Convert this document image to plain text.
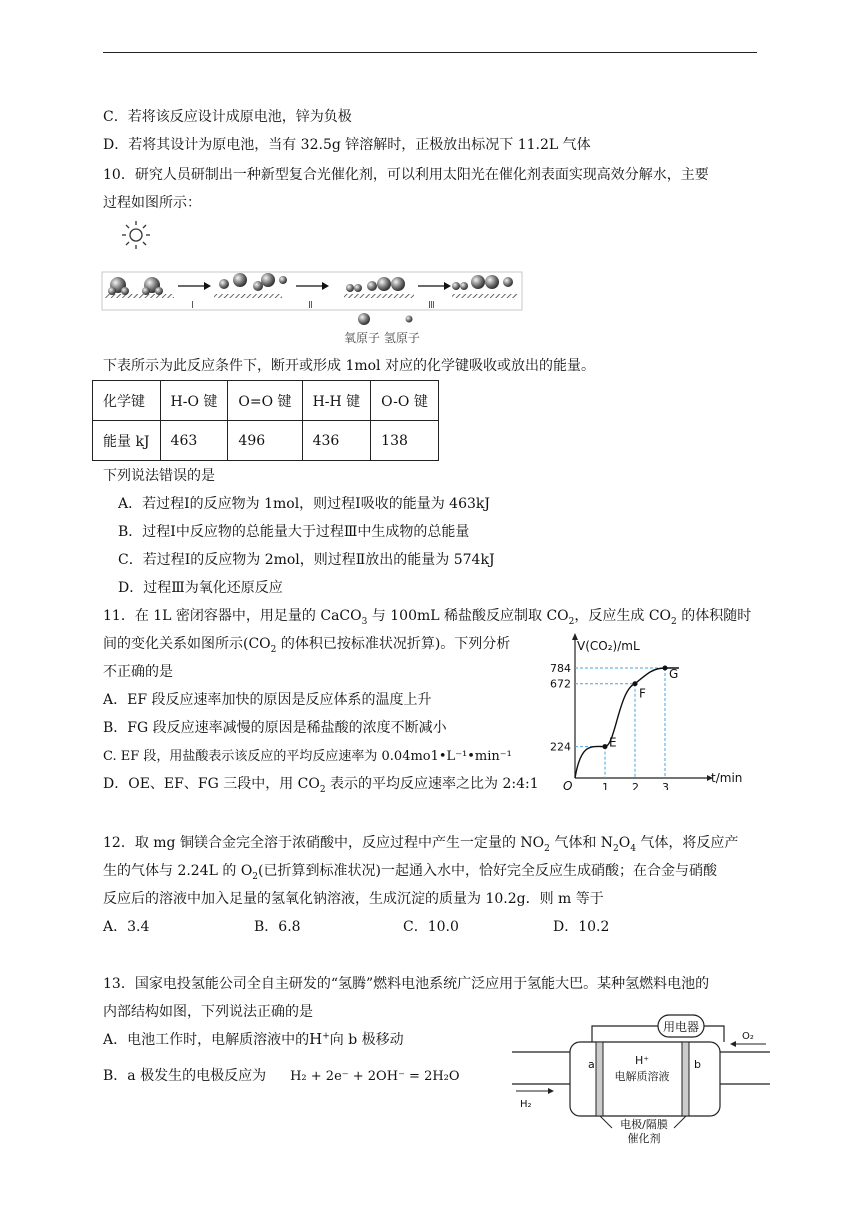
C．若将该反应设计成原电池，锌为负极
D．若将其设计为原电池，当有 32.5g 锌溶解时，正极放出标况下 11.2L 气体
10．研究人员研制出一种新型复合光催化剂，可以利用太阳光在催化剂表面实现高效分解水，主要
过程如图所示：
Ⅰ	Ⅱ	Ⅲ
氧原子 氢原子
下表所示为此反应条件下，断开或形成 1mol 对应的化学键吸收或放出的能量。
化学键	H-O 键	O=O 键	H-H 键	O-O 键
能量 kJ	463	496	436	138
下列说法错误的是
A．若过程Ⅰ的反应物为 1mol，则过程Ⅰ吸收的能量为 463kJ
B．过程Ⅰ中反应物的总能量大于过程Ⅲ中生成物的总能量
C．若过程Ⅰ的反应物为 2mol，则过程Ⅱ放出的能量为 574kJ
D．过程Ⅲ为氧化还原反应
11．在 1L 密闭容器中，用足量的 CaCO$_3$ 与 100mL 稀盐酸反应制取 $CO_2$，反应生成 $CO_2$ 的体积随时
间的变化关系如图所示($CO_2$ 的体积已按标准状况折算)。下列分析
不正确的是
A．EF 段反应速率加快的原因是反应体系的温度上升
B．FG 段反应速率减慢的原因是稀盐酸的浓度不断减小
C. EF 段，用盐酸表示该反应的平均反应速率为 0.04mo1•L⁻¹•min⁻¹
D．OE、EF、FG 三段中，用 $CO_2$ 表示的平均反应速率之比为 2:4:1
V(CO₂)/mL
t/min
O	1 2 3
224
672
784
E
F
G
12．取 mg 铜镁合金完全溶于浓硝酸中，反应过程中产生一定量的 $NO_2$ 气体和 $N_2O_4$ 气体，将反应产
生的气体与 2.24L 的 $O_2$(已折算到标准状况)一起通入水中，恰好完全反应生成硝酸；在合金与硝酸
反应后的溶液中加入足量的氢氧化钠溶液，生成沉淀的质量为 10.2g．则 m 等于
A．3.4	B．6.8	C．10.0	D．10.2
13．国家电投氢能公司全自主研发的“氢腾”燃料电池系统广泛应用于氢能大巴。某种氢燃料电池的
内部结构如图，下列说法正确的是
A．电池工作时，电解质溶液中的H+向 b 极移动
B．a 极发生的电极反应为 H₂ + 2e⁻ + 2OH⁻ = 2H₂O
用电器
a	b
H⁺
电解质溶液
H₂
O₂
电极/隔膜
催化剂
